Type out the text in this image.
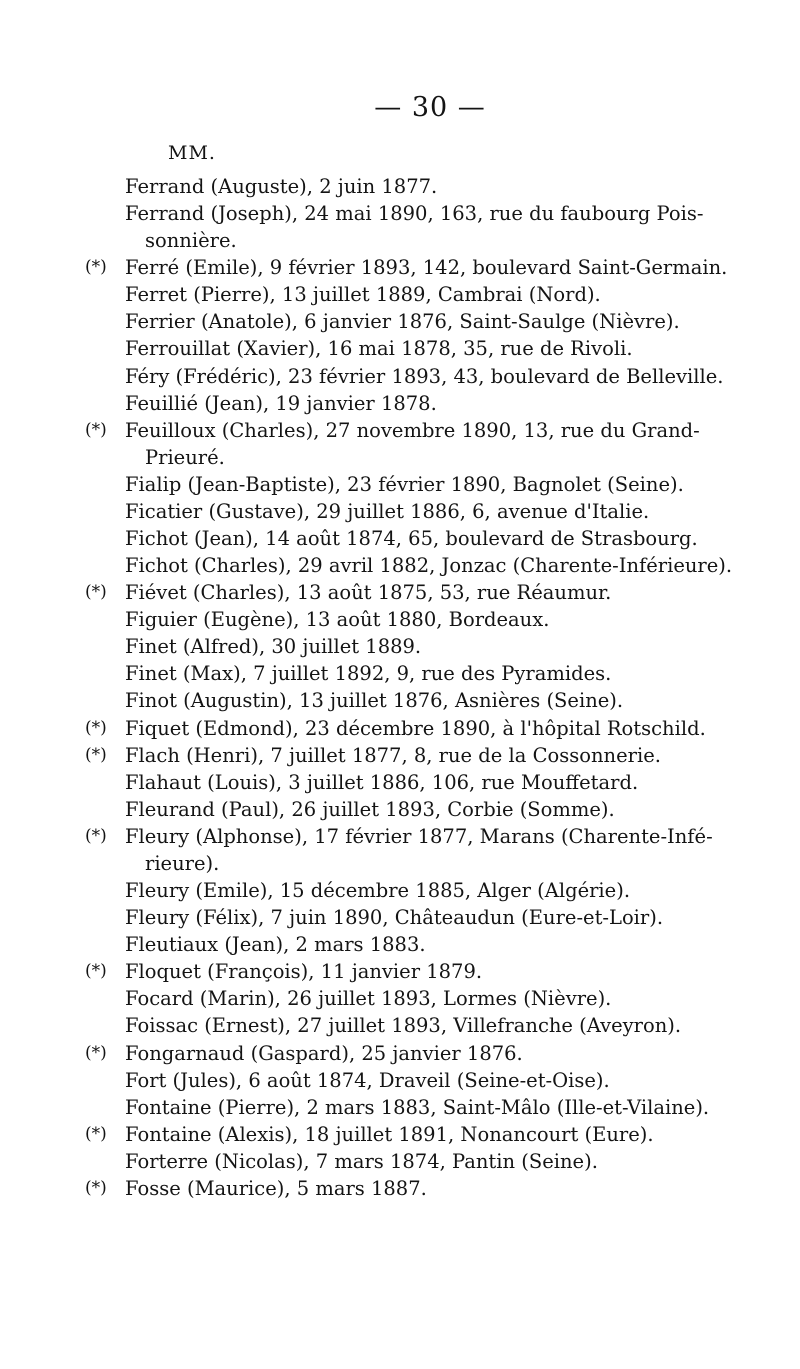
— 30 —
MM.
Ferrand (Auguste), 2 juin 1877.
Ferrand (Joseph), 24 mai 1890, 163, rue du faubourg Pois-
sonnière.
(*) Ferré (Emile), 9 février 1893, 142, boulevard Saint-Germain.
Ferret (Pierre), 13 juillet 1889, Cambrai (Nord).
Ferrier (Anatole), 6 janvier 1876, Saint-Saulge (Nièvre).
Ferrouillat (Xavier), 16 mai 1878, 35, rue de Rivoli.
Féry (Frédéric), 23 février 1893, 43, boulevard de Belleville.
Feuillié (Jean), 19 janvier 1878.
(*) Feuilloux (Charles), 27 novembre 1890, 13, rue du Grand-
Prieuré.
Fialip (Jean-Baptiste), 23 février 1890, Bagnolet (Seine).
Ficatier (Gustave), 29 juillet 1886, 6, avenue d'Italie.
Fichot (Jean), 14 août 1874, 65, boulevard de Strasbourg.
Fichot (Charles), 29 avril 1882, Jonzac (Charente-Inférieure).
(*) Fiévet (Charles), 13 août 1875, 53, rue Réaumur.
Figuier (Eugène), 13 août 1880, Bordeaux.
Finet (Alfred), 30 juillet 1889.
Finet (Max), 7 juillet 1892, 9, rue des Pyramides.
Finot (Augustin), 13 juillet 1876, Asnières (Seine).
(*) Fiquet (Edmond), 23 décembre 1890, à l'hôpital Rotschild.
(*) Flach (Henri), 7 juillet 1877, 8, rue de la Cossonnerie.
Flahaut (Louis), 3 juillet 1886, 106, rue Mouffetard.
Fleurand (Paul), 26 juillet 1893, Corbie (Somme).
(*) Fleury (Alphonse), 17 février 1877, Marans (Charente-Infé-
rieure).
Fleury (Emile), 15 décembre 1885, Alger (Algérie).
Fleury (Félix), 7 juin 1890, Châteaudun (Eure-et-Loir).
Fleutiaux (Jean), 2 mars 1883.
(*) Floquet (François), 11 janvier 1879.
Focard (Marin), 26 juillet 1893, Lormes (Nièvre).
Foissac (Ernest), 27 juillet 1893, Villefranche (Aveyron).
(*) Fongarnaud (Gaspard), 25 janvier 1876.
Fort (Jules), 6 août 1874, Draveil (Seine-et-Oise).
Fontaine (Pierre), 2 mars 1883, Saint-Mâlo (Ille-et-Vilaine).
(*) Fontaine (Alexis), 18 juillet 1891, Nonancourt (Eure).
Forterre (Nicolas), 7 mars 1874, Pantin (Seine).
(*) Fosse (Maurice), 5 mars 1887.
